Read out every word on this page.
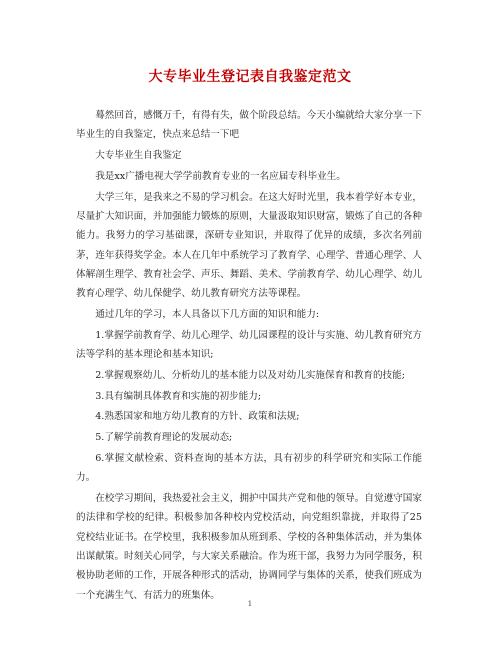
大专毕业生登记表自我鉴定范文

蓦然回首，感慨万千，有得有失，做个阶段总结。今天小编就给大家分享一下毕业生的自我鉴定，快点来总结一下吧

大专毕业生自我鉴定

我是xx广播电视大学学前教育专业的一名应届专科毕业生。

大学三年，是我来之不易的学习机会。在这大好时光里，我本着学好本专业，尽量扩大知识面，并加强能力锻炼的原则，大量汲取知识财富，锻炼了自己的各种能力。我努力的学习基础课，深研专业知识，并取得了优异的成绩，多次名列前茅，连年获得奖学金。本人在几年中系统学习了教育学、心理学、普通心理学、人体解剖生理学、教育社会学、声乐、舞蹈、美术、学前教育学、幼儿心理学、幼儿教育心理学、幼儿保健学、幼儿教育研究方法等课程。

通过几年的学习，本人具备以下几方面的知识和能力:

1.掌握学前教育学、幼儿心理学、幼儿园课程的设计与实施、幼儿教育研究方法等学科的基本理论和基本知识;

2.掌握观察幼儿、分析幼儿的基本能力以及对幼儿实施保育和教育的技能;

3.具有编制具体教育和实施的初步能力;

4.熟悉国家和地方幼儿教育的方针、政策和法规;

5.了解学前教育理论的发展动态;

6.掌握文献检索、资料查询的基本方法，具有初步的科学研究和实际工作能力。

在校学习期间，我热爱社会主义，拥护中国共产党和他的领导。自觉遵守国家的法律和学校的纪律。积极参加各种校内党校活动，向党组织靠拢，并取得了25党校结业证书。在学校里，我积极参加从班到系、学校的各种集体活动，并为集体出谋献策。时刻关心同学，与大家关系融洽。作为班干部，我努力为同学服务，积极协助老师的工作，开展各种形式的活动，协调同学与集体的关系，使我们班成为一个充满生气、有活力的班集体。

1
